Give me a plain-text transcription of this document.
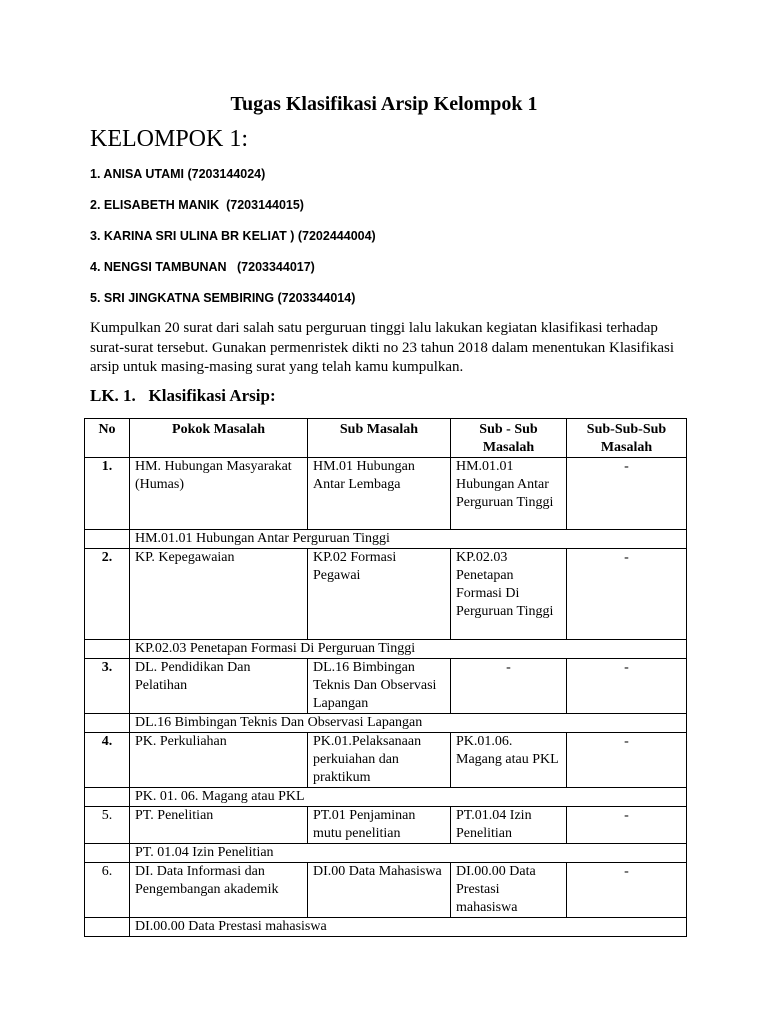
Tugas Klasifikasi Arsip Kelompok 1
KELOMPOK 1:
1. ANISA UTAMI (7203144024)
2. ELISABETH MANIK  (7203144015)
3. KARINA SRI ULINA BR KELIAT ) (7202444004)
4. NENGSI TAMBUNAN   (7203344017)
5. SRI JINGKATNA SEMBIRING (7203344014)

Kumpulkan 20 surat dari salah satu perguruan tinggi lalu lakukan kegiatan klasifikasi terhadap surat-surat tersebut. Gunakan permenristek dikti no 23 tahun 2018 dalam menentukan Klasifikasi arsip untuk masing-masing surat yang telah kamu kumpulkan.

LK. 1.   Klasifikasi Arsip:
No	Pokok Masalah	Sub Masalah	Sub - Sub Masalah	Sub-Sub-Sub Masalah
1.	HM. Hubungan Masyarakat (Humas)	HM.01 Hubungan Antar Lembaga	HM.01.01 Hubungan Antar Perguruan Tinggi	-
	HM.01.01 Hubungan Antar Perguruan Tinggi			
2.	KP. Kepegawaian	KP.02 Formasi Pegawai	KP.02.03 Penetapan Formasi Di Perguruan Tinggi	-
	KP.02.03 Penetapan Formasi Di Perguruan Tinggi			
3.	DL. Pendidikan Dan Pelatihan	DL.16 Bimbingan Teknis Dan Observasi Lapangan	-	-
	DL.16 Bimbingan Teknis Dan Observasi Lapangan			
4.	PK. Perkuliahan	PK.01.Pelaksanaan perkuiahan dan praktikum	PK.01.06. Magang atau PKL	-
	PK. 01. 06. Magang atau PKL			
5.	PT. Penelitian	PT.01 Penjaminan mutu penelitian	PT.01.04 Izin Penelitian	-
	PT. 01.04 Izin Penelitian			
6.	DI. Data Informasi dan Pengembangan akademik	DI.00 Data Mahasiswa	DI.00.00 Data Prestasi mahasiswa	-
	DI.00.00 Data Prestasi mahasiswa			
